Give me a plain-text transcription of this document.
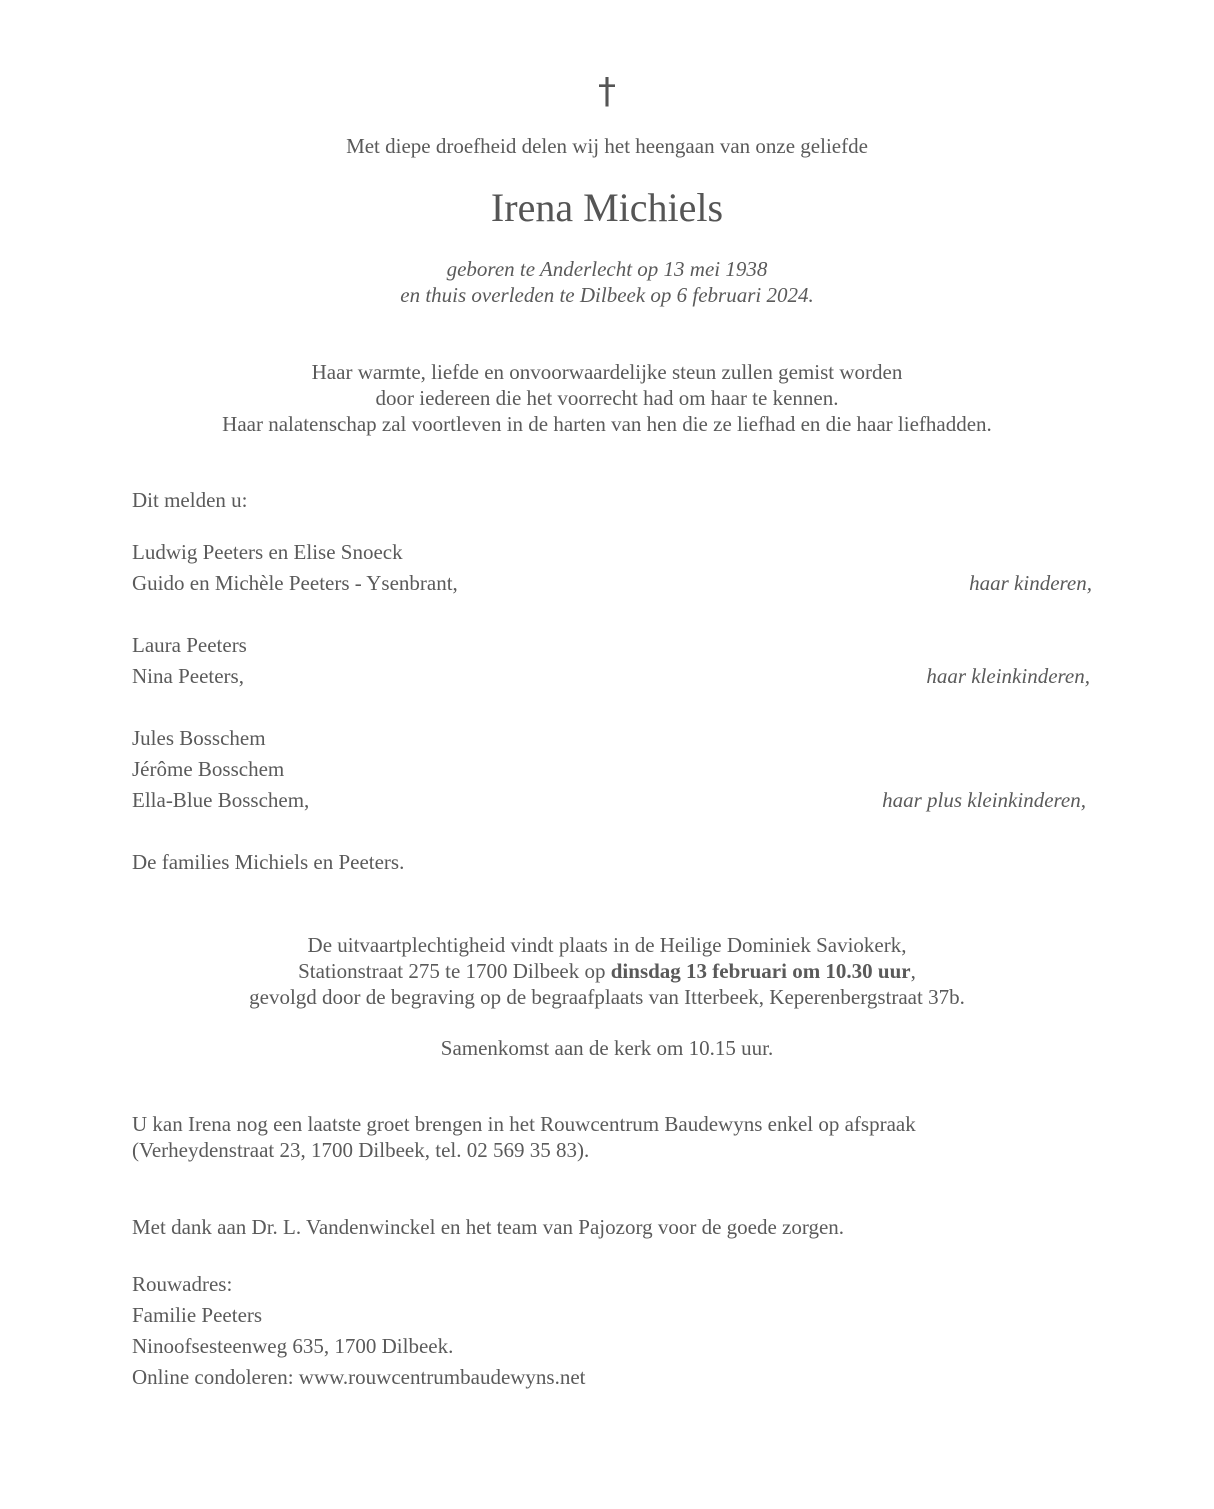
†
Met diepe droefheid delen wij het heengaan van onze geliefde
Irena Michiels
geboren te Anderlecht op 13 mei 1938
en thuis overleden te Dilbeek op 6 februari 2024.
Haar warmte, liefde en onvoorwaardelijke steun zullen gemist worden
door iedereen die het voorrecht had om haar te kennen.
Haar nalatenschap zal voortleven in de harten van hen die ze liefhad en die haar liefhadden.
Dit melden u:
Ludwig Peeters en Elise Snoeck
Guido en Michèle Peeters - Ysenbrant,	haar kinderen,
Laura Peeters
Nina Peeters,	haar kleinkinderen,
Jules Bosschem
Jérôme Bosschem
Ella-Blue Bosschem,	haar plus kleinkinderen,
De families Michiels en Peeters.
De uitvaartplechtigheid vindt plaats in de Heilige Dominiek Saviokerk,
Stationstraat 275 te 1700 Dilbeek op dinsdag 13 februari om 10.30 uur,
gevolgd door de begraving op de begraafplaats van Itterbeek, Keperenbergstraat 37b.
Samenkomst aan de kerk om 10.15 uur.
U kan Irena nog een laatste groet brengen in het Rouwcentrum Baudewyns enkel op afspraak
(Verheydenstraat 23, 1700 Dilbeek, tel. 02 569 35 83).
Met dank aan Dr. L. Vandenwinckel en het team van Pajozorg voor de goede zorgen.
Rouwadres:
Familie Peeters
Ninoofsesteenweg 635, 1700 Dilbeek.
Online condoleren: www.rouwcentrumbaudewyns.net
